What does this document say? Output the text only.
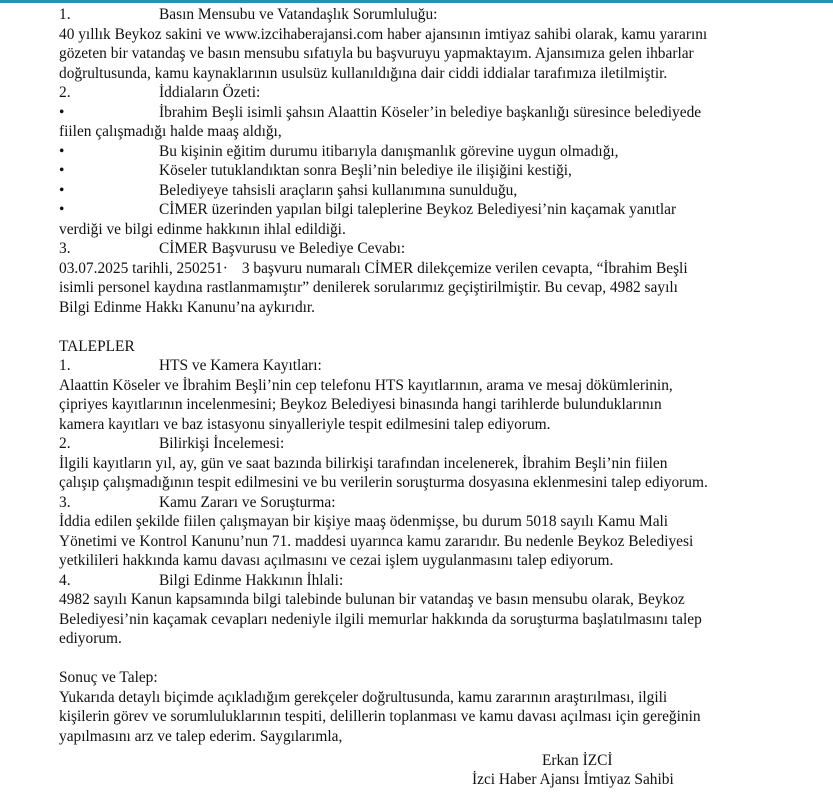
1.	Basın Mensubu ve Vatandaşlık Sorumluluğu:
40 yıllık Beykoz sakini ve www.izcihaberajansi.com haber ajansının imtiyaz sahibi olarak, kamu yararını
gözeten bir vatandaş ve basın mensubu sıfatıyla bu başvuruyu yapmaktayım. Ajansımıza gelen ihbarlar
doğrultusunda, kamu kaynaklarının usulsüz kullanıldığına dair ciddi iddialar tarafımıza iletilmiştir.
2.	İddiaların Özeti:
•	İbrahim Beşli isimli şahsın Alaattin Köseler’in belediye başkanlığı süresince belediyede
fiilen çalışmadığı halde maaş aldığı,
•	Bu kişinin eğitim durumu itibarıyla danışmanlık görevine uygun olmadığı,
•	Köseler tutuklandıktan sonra Beşli’nin belediye ile ilişiğini kestiği,
•	Belediyeye tahsisli araçların şahsi kullanımına sunulduğu,
•	CİMER üzerinden yapılan bilgi taleplerine Beykoz Belediyesi’nin kaçamak yanıtlar
verdiği ve bilgi edinme hakkının ihlal edildiği.
3.	CİMER Başvurusu ve Belediye Cevabı:
03.07.2025 tarihli, 250251· 3 başvuru numaralı CİMER dilekçemize verilen cevapta, “İbrahim Beşli
isimli personel kaydına rastlanmamıştır” denilerek sorularımız geçiştirilmiştir. Bu cevap, 4982 sayılı
Bilgi Edinme Hakkı Kanunu’na aykırıdır.
TALEPLER
1.	HTS ve Kamera Kayıtları:
Alaattin Köseler ve İbrahim Beşli’nin cep telefonu HTS kayıtlarının, arama ve mesaj dökümlerinin,
çipriyes kayıtlarının incelenmesini; Beykoz Belediyesi binasında hangi tarihlerde bulunduklarının
kamera kayıtları ve baz istasyonu sinyalleriyle tespit edilmesini talep ediyorum.
2.	Bilirkişi İncelemesi:
İlgili kayıtların yıl, ay, gün ve saat bazında bilirkişi tarafından incelenerek, İbrahim Beşli’nin fiilen
çalışıp çalışmadığının tespit edilmesini ve bu verilerin soruşturma dosyasına eklenmesini talep ediyorum.
3.	Kamu Zararı ve Soruşturma:
İddia edilen şekilde fiilen çalışmayan bir kişiye maaş ödenmişse, bu durum 5018 sayılı Kamu Mali
Yönetimi ve Kontrol Kanunu’nun 71. maddesi uyarınca kamu zararıdır. Bu nedenle Beykoz Belediyesi
yetkilileri hakkında kamu davası açılmasını ve cezai işlem uygulanmasını talep ediyorum.
4.	Bilgi Edinme Hakkının İhlali:
4982 sayılı Kanun kapsamında bilgi talebinde bulunan bir vatandaş ve basın mensubu olarak, Beykoz
Belediyesi’nin kaçamak cevapları nedeniyle ilgili memurlar hakkında da soruşturma başlatılmasını talep
ediyorum.
Sonuç ve Talep:
Yukarıda detaylı biçimde açıkladığım gerekçeler doğrultusunda, kamu zararının araştırılması, ilgili
kişilerin görev ve sorumluluklarının tespiti, delillerin toplanması ve kamu davası açılması için gereğinin
yapılmasını arz ve talep ederim. Saygılarımla,
Erkan İZCİ
İzci Haber Ajansı İmtiyaz Sahibi
